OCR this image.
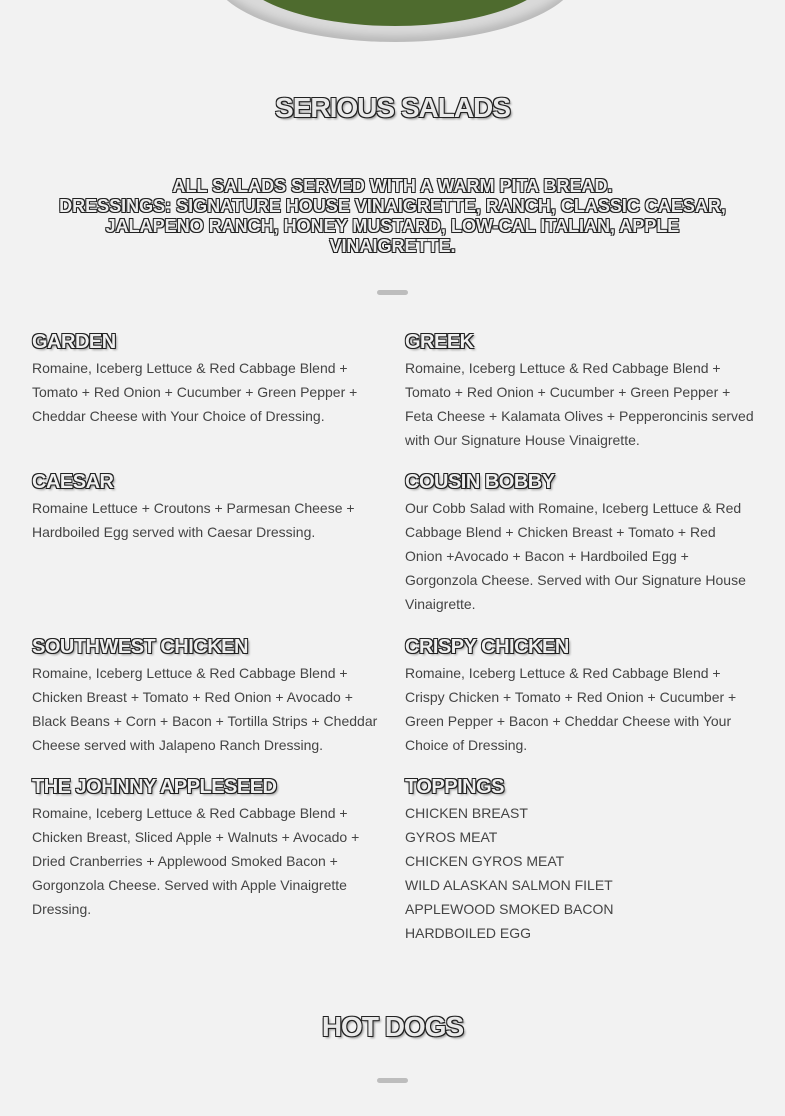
SERIOUS SALADS
ALL SALADS SERVED WITH A WARM PITA BREAD.
DRESSINGS: SIGNATURE HOUSE VINAIGRETTE, RANCH, CLASSIC CAESAR, JALAPENO RANCH, HONEY MUSTARD, LOW-CAL ITALIAN, APPLE VINAIGRETTE.
GARDEN

Romaine, Iceberg Lettuce & Red Cabbage Blend + Tomato + Red Onion + Cucumber + Green Pepper + Cheddar Cheese with Your Choice of Dressing.

GREEK

Romaine, Iceberg Lettuce & Red Cabbage Blend + Tomato + Red Onion + Cucumber + Green Pepper + Feta Cheese + Kalamata Olives + Pepperoncinis served with Our Signature House Vinaigrette.

CAESAR

Romaine Lettuce + Croutons + Parmesan Cheese + Hardboiled Egg served with Caesar Dressing.

COUSIN BOBBY

Our Cobb Salad with Romaine, Iceberg Lettuce & Red Cabbage Blend + Chicken Breast + Tomato + Red Onion +Avocado + Bacon + Hardboiled Egg + Gorgonzola Cheese. Served with Our Signature House Vinaigrette.

SOUTHWEST CHICKEN

Romaine, Iceberg Lettuce & Red Cabbage Blend + Chicken Breast + Tomato + Red Onion + Avocado + Black Beans + Corn + Bacon + Tortilla Strips + Cheddar Cheese served with Jalapeno Ranch Dressing.

CRISPY CHICKEN

Romaine, Iceberg Lettuce & Red Cabbage Blend + Crispy Chicken + Tomato + Red Onion + Cucumber + Green Pepper + Bacon + Cheddar Cheese with Your Choice of Dressing.

THE JOHNNY APPLESEED

Romaine, Iceberg Lettuce & Red Cabbage Blend + Chicken Breast, Sliced Apple + Walnuts + Avocado + Dried Cranberries + Applewood Smoked Bacon + Gorgonzola Cheese. Served with Apple Vinaigrette Dressing.

TOPPINGS
CHICKEN BREAST
GYROS MEAT
CHICKEN GYROS MEAT
WILD ALASKAN SALMON FILET
APPLEWOOD SMOKED BACON
HARDBOILED EGG
HOT DOGS
